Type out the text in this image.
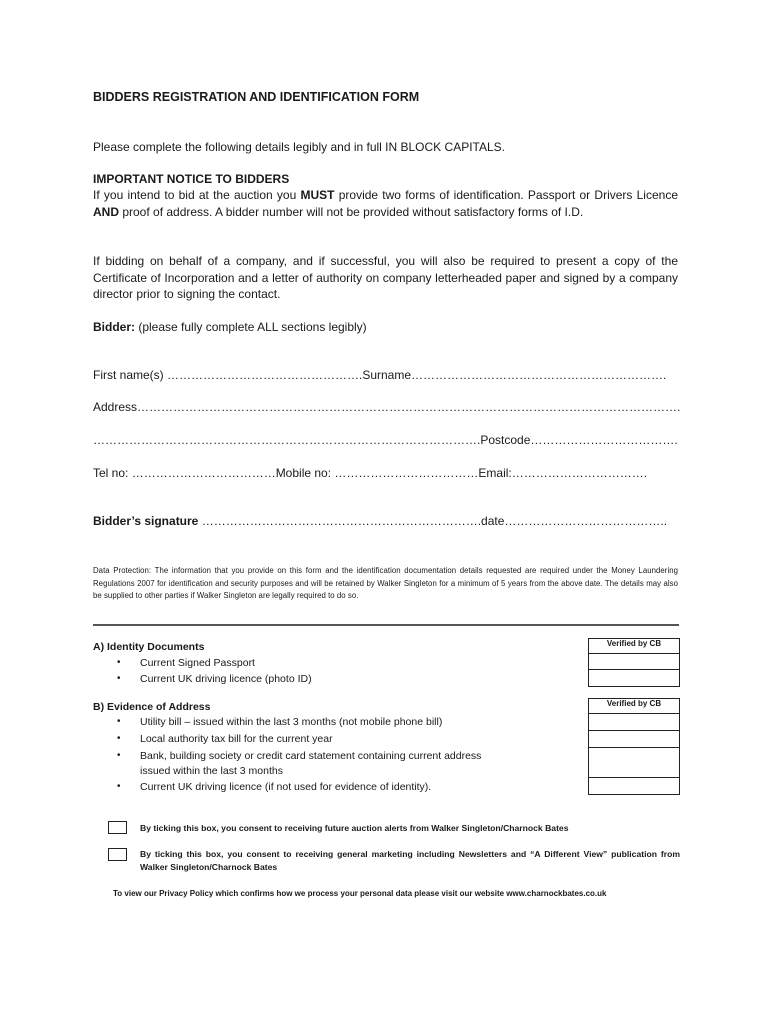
BIDDERS REGISTRATION AND IDENTIFICATION FORM
Please complete the following details legibly and in full IN BLOCK CAPITALS.
IMPORTANT NOTICE TO BIDDERS
If you intend to bid at the auction you MUST provide two forms of identification. Passport or Drivers Licence AND proof of address. A bidder number will not be provided without satisfactory forms of I.D.
If bidding on behalf of a company, and if successful, you will also be required to present a copy of the Certificate of Incorporation and a letter of authority on company letterheaded paper and signed by a company director prior to signing the contact.
Bidder: (please fully complete ALL sections legibly)
First name(s) ………………………………………….Surname……………………………………………………….
Address……………………………………………………………………………………………………………………….
…………………………………………………………………………………….Postcode……………………………….
Tel no: ………………………………Mobile no: ………………………………Email:…………………………….
Bidder’s signature …………………………………………………………….date…………………………………..
Data Protection: The information that you provide on this form and the identification documentation details requested are required under the Money Laundering Regulations 2007 for identification and security purposes and will be retained by Walker Singleton for a minimum of 5 years from the above date. The details may also be supplied to other parties if Walker Singleton are legally required to do so.
A) Identity Documents
• Current Signed Passport
• Current UK driving licence (photo ID)
Verified by CB

B) Evidence of Address
• Utility bill – issued within the last 3 months (not mobile phone bill)
• Local authority tax bill for the current year
• Bank, building society or credit card statement containing current address
issued within the last 3 months
• Current UK driving licence (if not used for evidence of identity).
Verified by CB

By ticking this box, you consent to receiving future auction alerts from Walker Singleton/Charnock Bates
By ticking this box, you consent to receiving general marketing including Newsletters and “A Different View” publication from Walker Singleton/Charnock Bates
To view our Privacy Policy which confirms how we process your personal data please visit our website www.charnockbates.co.uk
